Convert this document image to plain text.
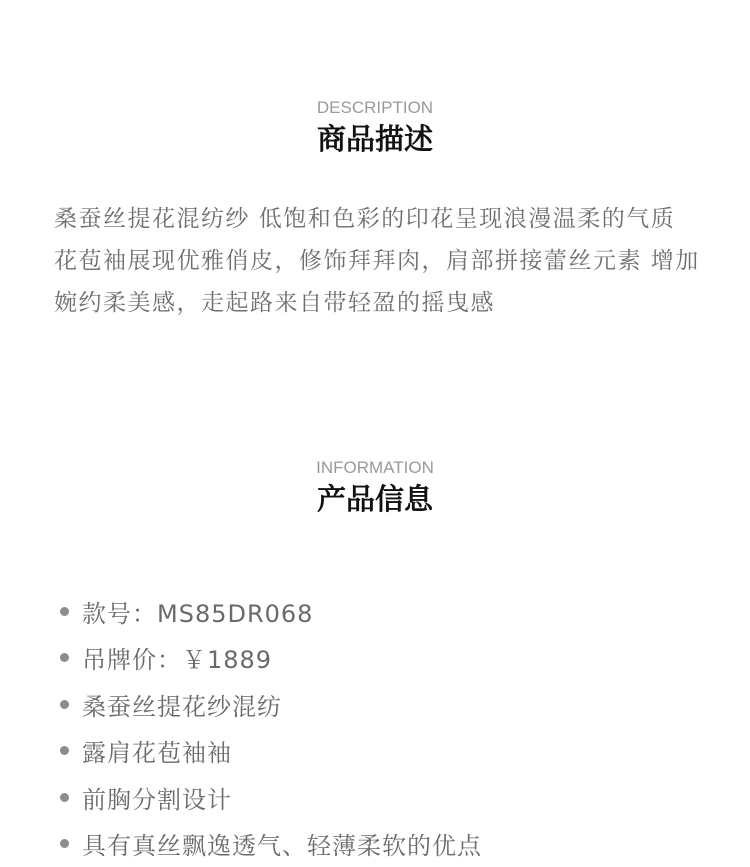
DESCRIPTION
商品描述
桑蚕丝提花混纺纱 低饱和色彩的印花呈现浪漫温柔的气质 花苞袖展现优雅俏皮，修饰拜拜肉，肩部拼接蕾丝元素 增加婉约柔美感，走起路来自带轻盈的摇曳感
INFORMATION
产品信息
款号：MS85DR068
吊牌价：￥1889
桑蚕丝提花纱混纺
露肩花苞袖袖
前胸分割设计
具有真丝飘逸透气、轻薄柔软的优点
